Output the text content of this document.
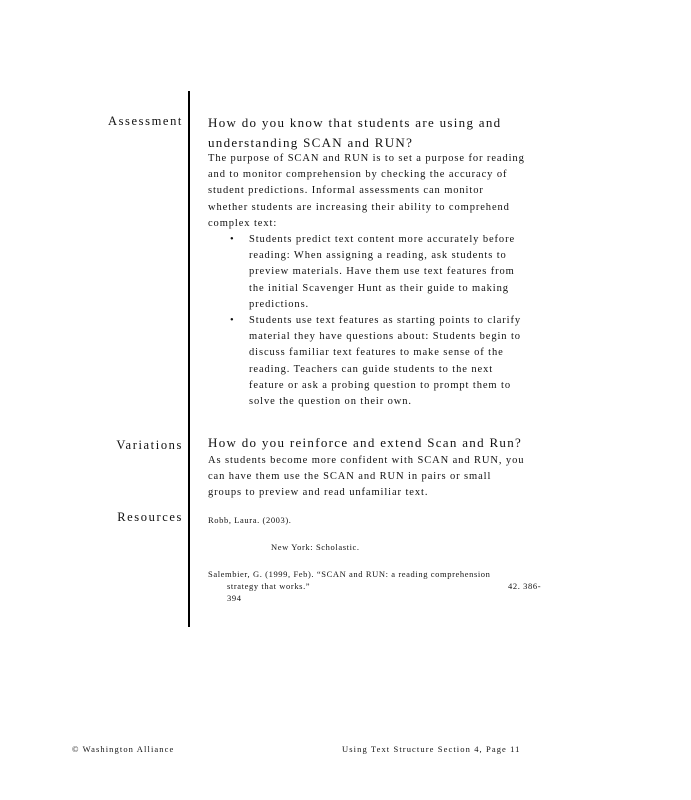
Assessment How do you know that students are using and
understanding SCAN and RUN?

The purpose of SCAN and RUN is to set a purpose for reading
and to monitor comprehension by checking the accuracy of
student predictions. Informal assessments can monitor
whether students are increasing their ability to comprehend
complex text:

• Students predict text content more accurately before
reading: When assigning a reading, ask students to
preview materials. Have them use text features from
the initial Scavenger Hunt as their guide to making
predictions.
• Students use text features as starting points to clarify
material they have questions about: Students begin to
discuss familiar text features to make sense of the
reading. Teachers can guide students to the next
feature or ask a probing question to prompt them to
solve the question on their own.
Variations How do you reinforce and extend Scan and Run?
As students become more confident with SCAN and RUN, you
can have them use the SCAN and RUN in pairs or small
groups to preview and read unfamiliar text.
Resources	Robb, Laura. (2003).
New York: Scholastic.
Salembier, G. (1999, Feb). “SCAN and RUN: a reading comprehension
strategy that works.”
394
42. 386-
© Washington Alliance	Using Text Structure Section 4, Page 11
